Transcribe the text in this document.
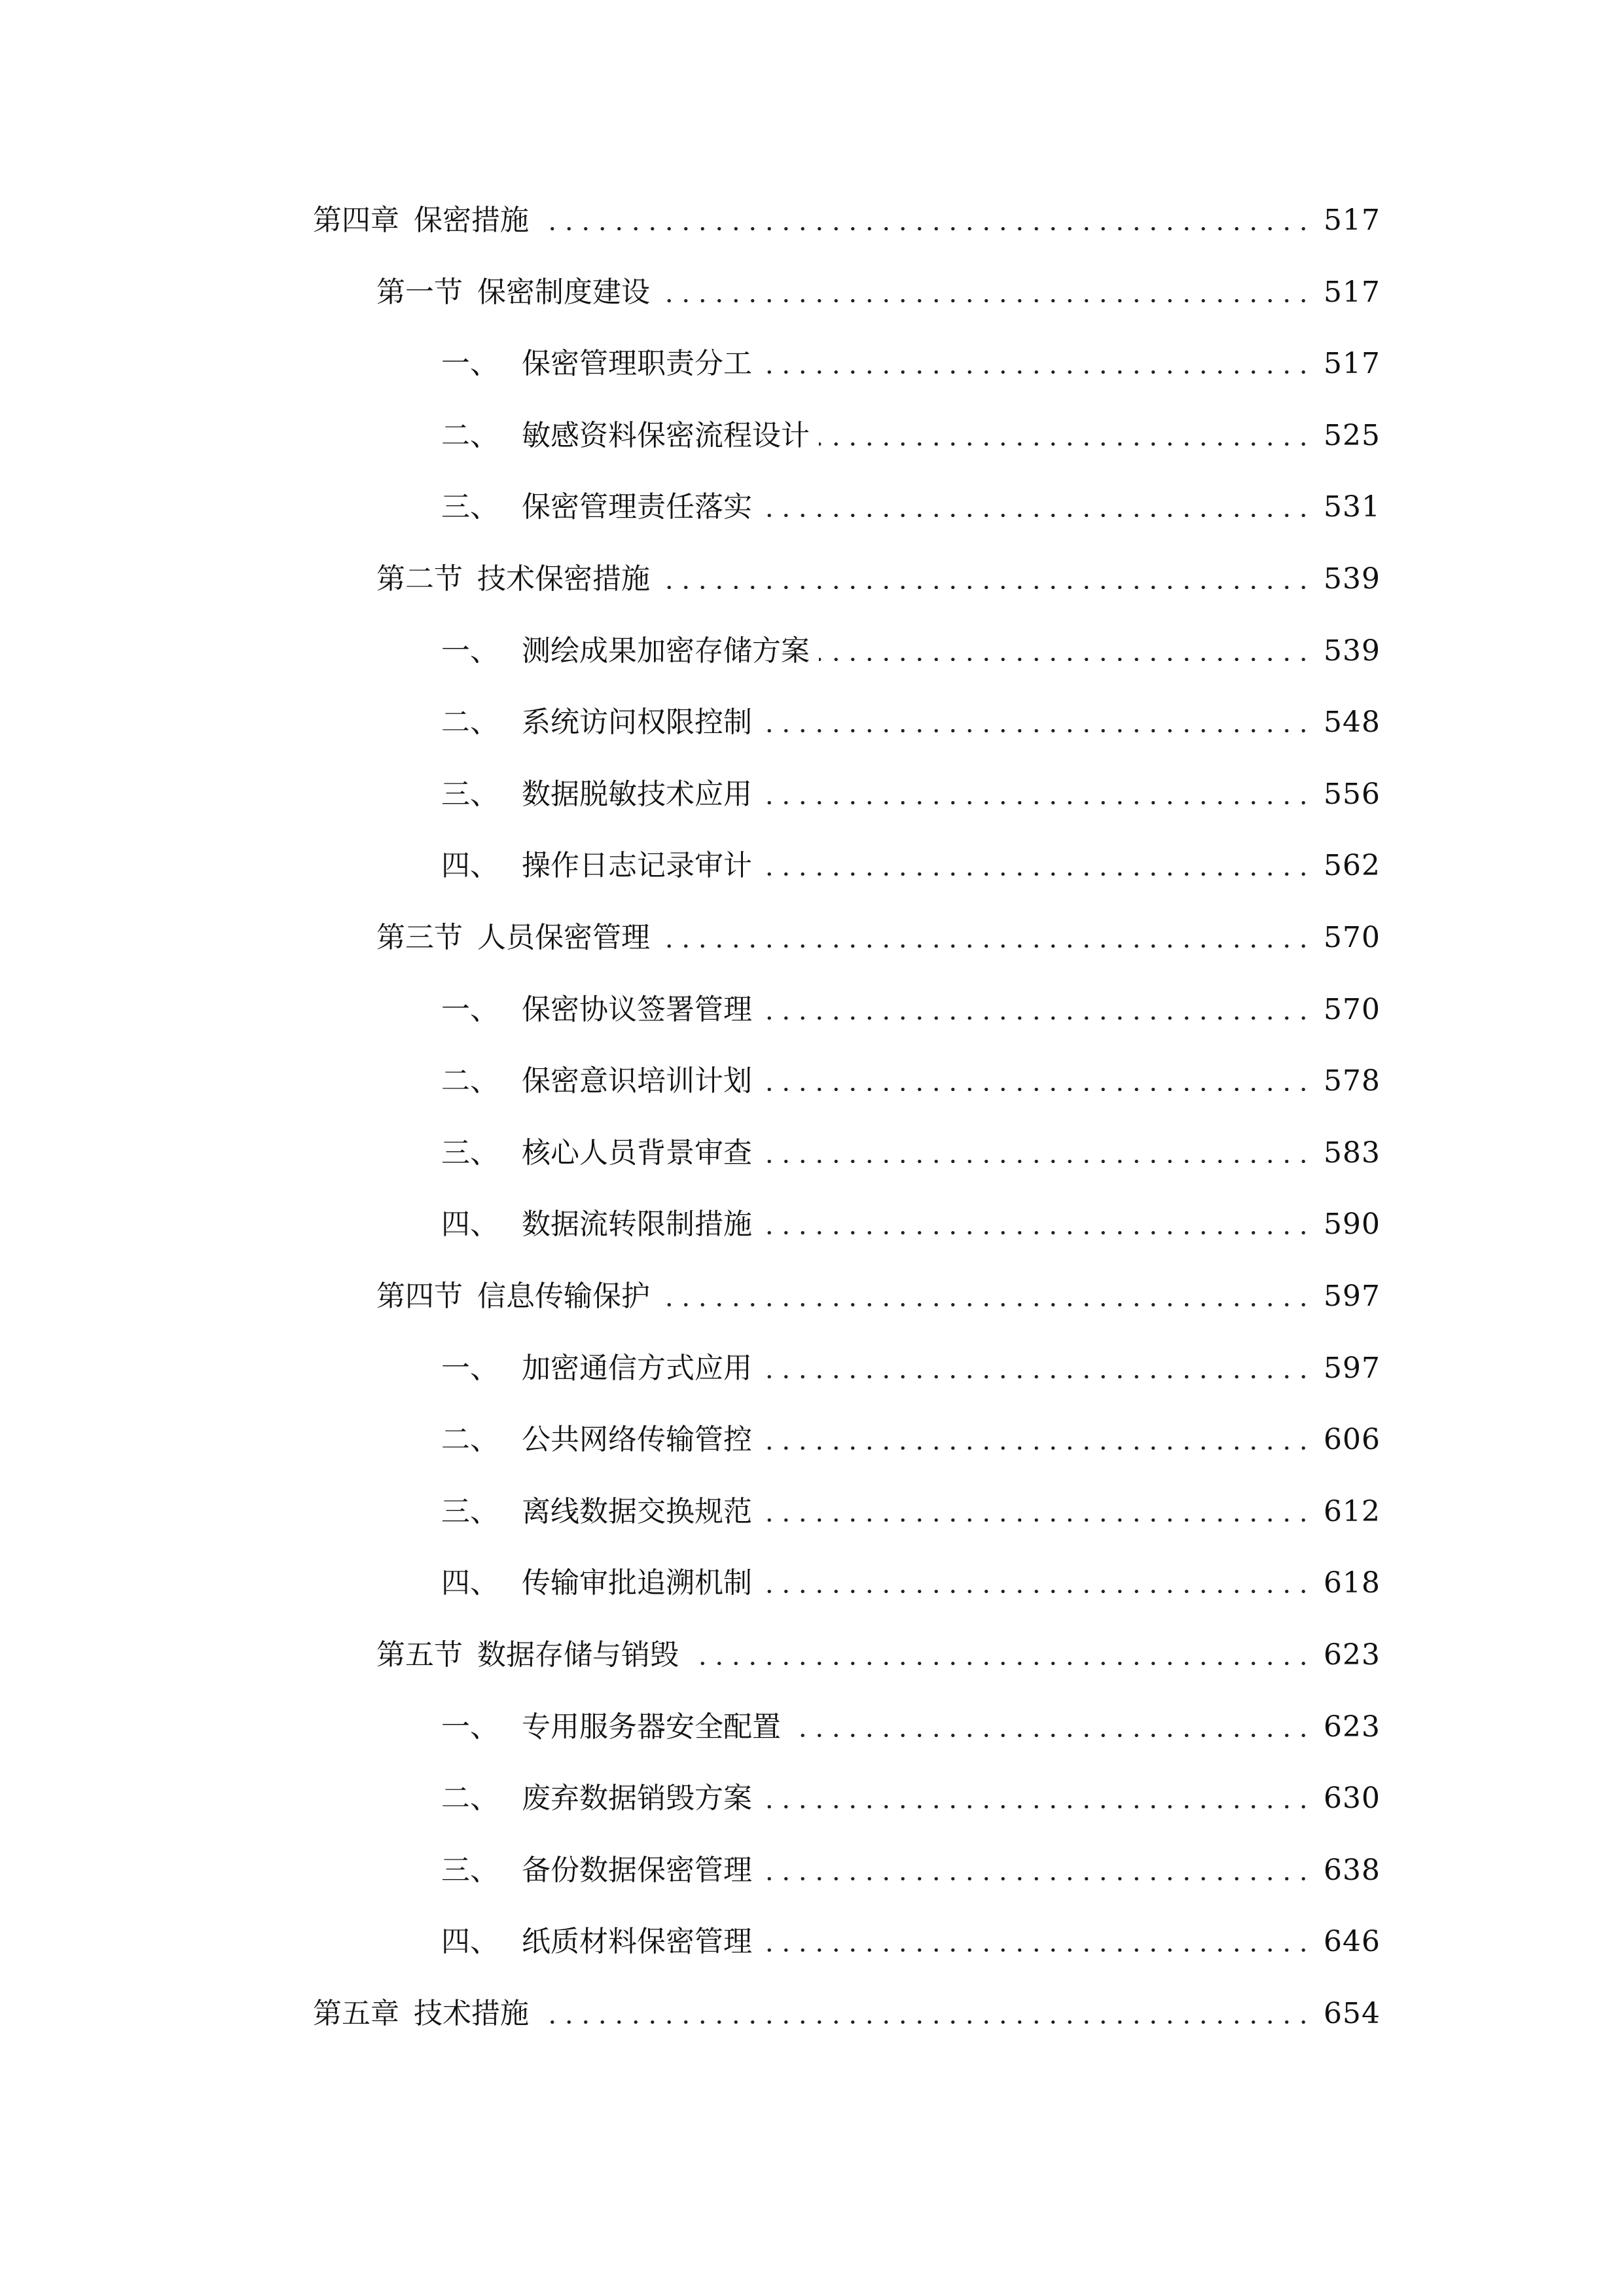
第四章 保密措施	517
第一节 保密制度建设	517
一、 保密管理职责分工	517
二、 敏感资料保密流程设计	525
三、 保密管理责任落实	531
第二节 技术保密措施	539
一、 测绘成果加密存储方案	539
二、 系统访问权限控制	548
三、 数据脱敏技术应用	556
四、 操作日志记录审计	562
第三节 人员保密管理	570
一、 保密协议签署管理	570
二、 保密意识培训计划	578
三、 核心人员背景审查	583
四、 数据流转限制措施	590
第四节 信息传输保护	597
一、 加密通信方式应用	597
二、 公共网络传输管控	606
三、 离线数据交换规范	612
四、 传输审批追溯机制	618
第五节 数据存储与销毁	623
一、 专用服务器安全配置	623
二、 废弃数据销毁方案	630
三、 备份数据保密管理	638
四、 纸质材料保密管理	646
第五章 技术措施	654
